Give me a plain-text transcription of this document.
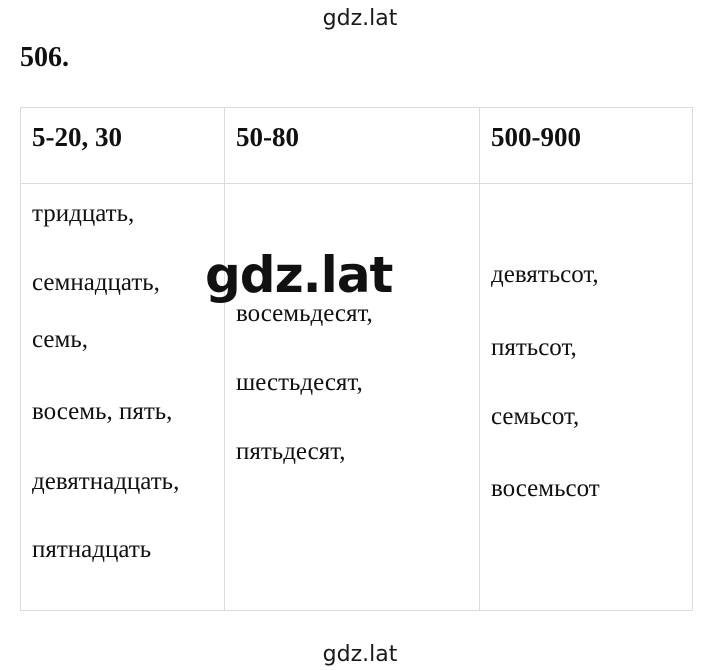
gdz.lat
506.
5-20, 30	50-80	500-900
тридцать,
семнадцать,
семь,
восемь, пять,
девятнадцать,
пятнадцать
восемьдесят,
шестьдесят,
пятьдесят,
девятьсот,
пятьсот,
семьсот,
восемьсот
gdz.lat
gdz.lat
